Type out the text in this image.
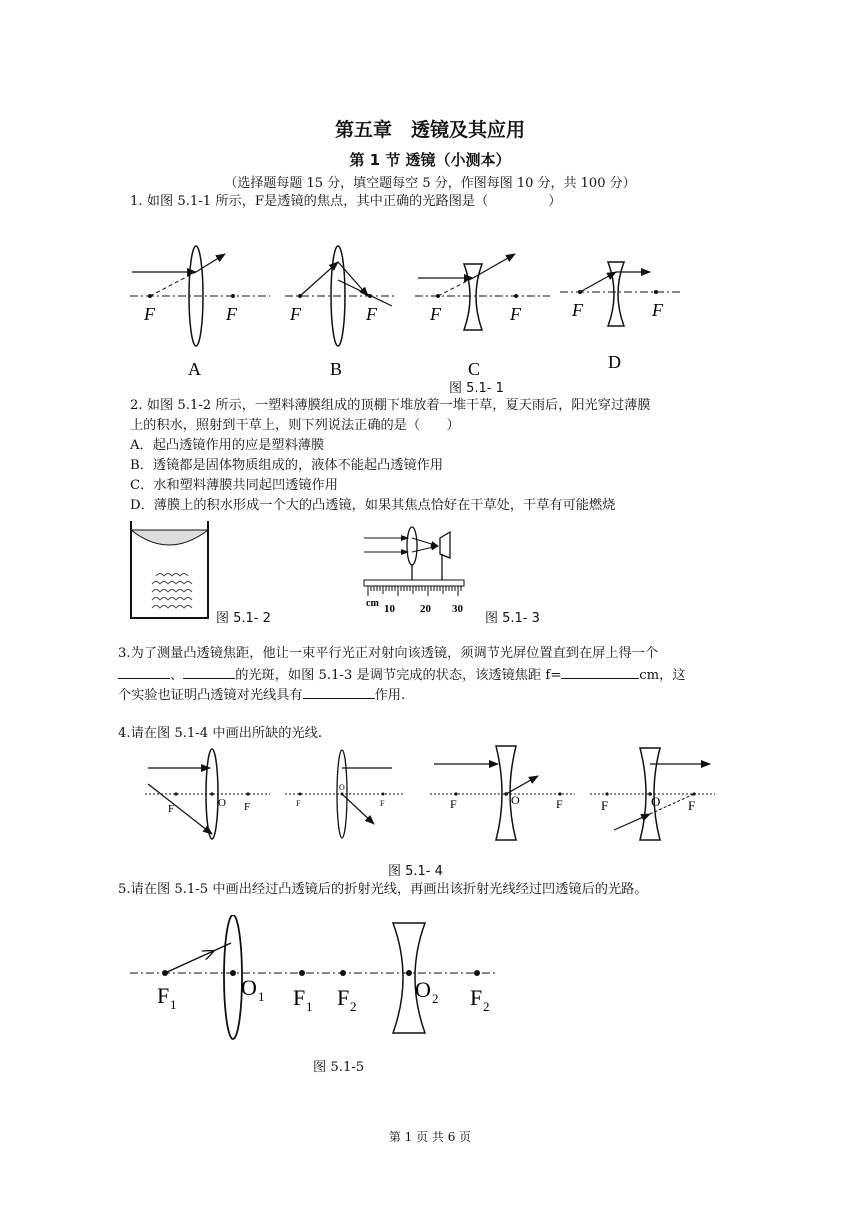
第五章　透镜及其应用
第 1 节 透镜（小测本）
（选择题每题 15 分，填空题每空 5 分，作图每图 10 分，共 100 分）
1. 如图 5.1-1 所示，F是透镜的焦点，其中正确的光路图是（	）
F	F
A
F	F
B
F	F
C
F	F
D
图 5.1- 1
2. 如图 5.1-2 所示，一塑料薄膜组成的顶棚下堆放着一堆干草，夏天雨后，阳光穿过薄膜
上的积水，照射到干草上，则下列说法正确的是（　　）
A．起凸透镜作用的应是塑料薄膜
B．透镜都是固体物质组成的，液体不能起凸透镜作用
C．水和塑料薄膜共同起凹透镜作用
D．薄膜上的积水形成一个大的凸透镜，如果其焦点恰好在干草处，干草有可能燃烧
图 5.1- 2
cm 10 20 30
图 5.1- 3
3.为了测量凸透镜焦距，他让一束平行光正对射向该透镜，须调节光屏位置直到在屏上得一个
、	的光斑，如图 5.1-3 是调节完成的状态，该透镜焦距 f=	cm，这
个实验也证明凸透镜对光线具有	作用.
4.请在图 5.1-4 中画出所缺的光线.
F	O F	F
O
F	F	O	F	F	O F
图 5.1- 4
5.请在图 5.1-5 中画出经过凸透镜后的折射光线，再画出该折射光线经过凹透镜后的光路。
F 1
O 1 F 1 F 2
O 2 F 2
图 5.1-5
第 1 页 共 6 页
